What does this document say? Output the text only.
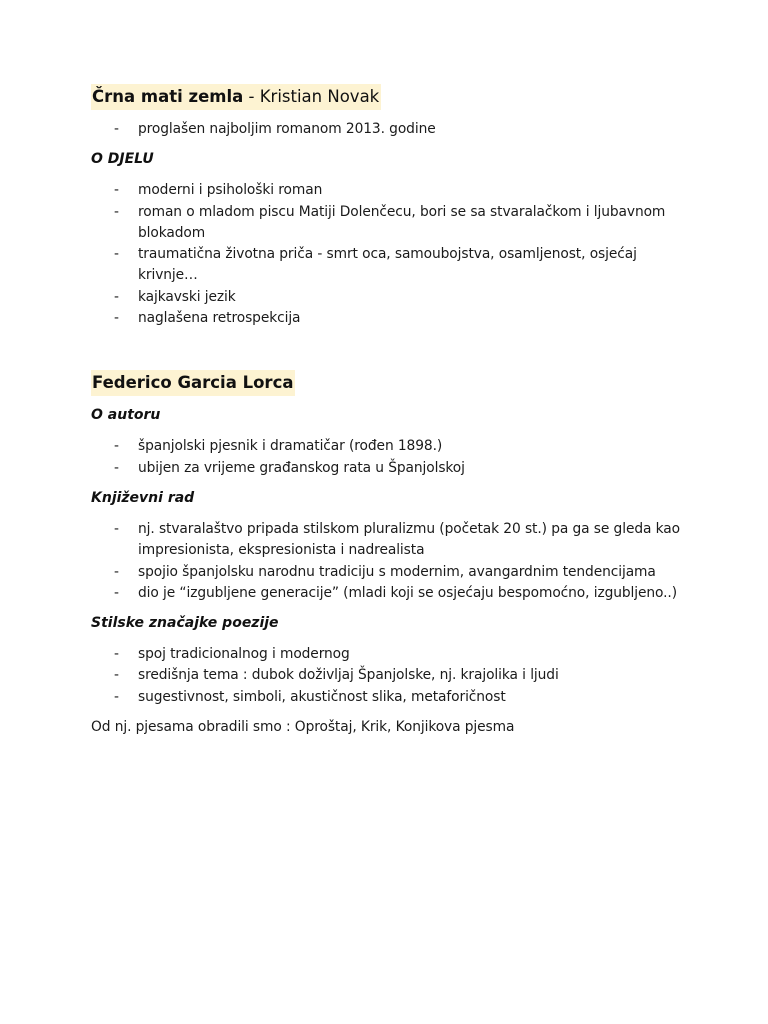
Črna mati zemla - Kristian Novak
- proglašen najboljim romanom 2013. godine

O DJELU

- moderni i psihološki roman
- roman o mladom piscu Matiji Dolenčecu, bori se sa stvaralačkom i ljubavnom blokadom
- traumatična životna priča - smrt oca, samoubojstva, osamljenost, osjećaj krivnje…
- kajkavski jezik
- naglašena retrospekcija
Federico Garcia Lorca

O autoru

- španjolski pjesnik i dramatičar (rođen 1898.)
- ubijen za vrijeme građanskog rata u Španjolskoj

Književni rad

- nj. stvaralaštvo pripada stilskom pluralizmu (početak 20 st.) pa ga se gleda kao impresionista, ekspresionista i nadrealista
- spojio španjolsku narodnu tradiciju s modernim, avangardnim tendencijama
- dio je “izgubljene generacije” (mladi koji se osjećaju bespomoćno, izgubljeno..)

Stilske značajke poezije

- spoj tradicionalnog i modernog
- središnja tema : dubok doživljaj Španjolske, nj. krajolika i ljudi
- sugestivnost, simboli, akustičnost slika, metaforičnost

Od nj. pjesama obradili smo : Oproštaj, Krik, Konjikova pjesma
